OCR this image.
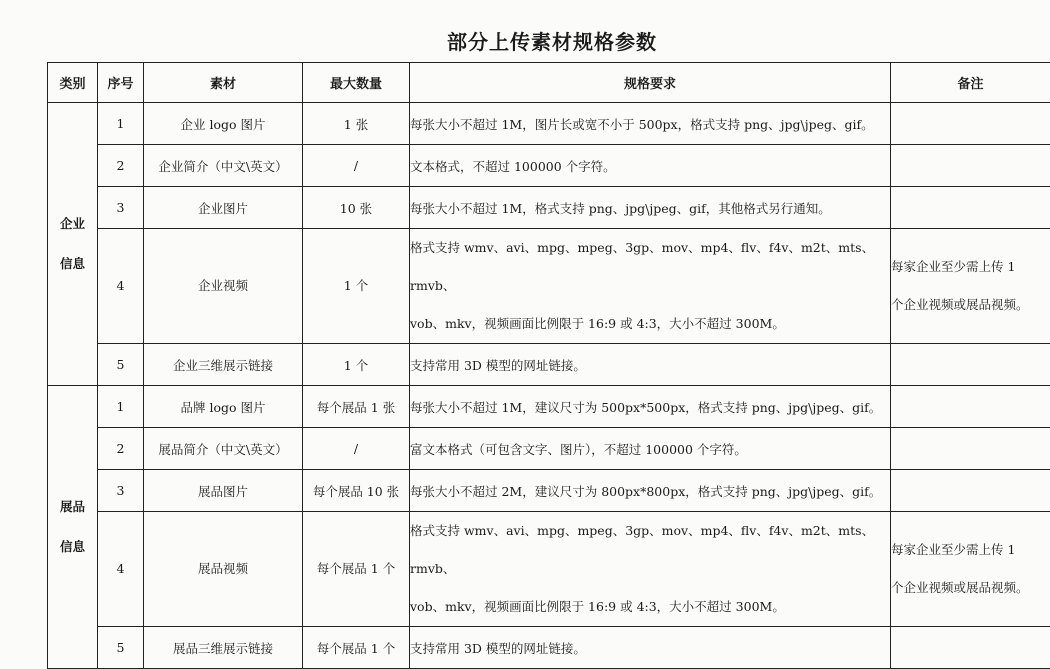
部分上传素材规格参数
类别	序号	素材	最大数量	规格要求	备注

企业
信息	1	企业 logo 图片	1 张	每张大小不超过 1M，图片长或宽不小于 500px，格式支持 png、jpg\jpeg、gif。	
	2	企业简介（中文\英文）	/	文本格式，不超过 100000 个字符。	
	3	企业图片	10 张	每张大小不超过 1M，格式支持 png、jpg\jpeg、gif，其他格式另行通知。	
	4	企业视频	1 个	格式支持 wmv、avi、mpg、mpeg、3gp、mov、mp4、flv、f4v、m2t、mts、rmvb、
vob、mkv，视频画面比例限于 16:9 或 4:3，大小不超过 300M。	每家企业至少需上传 1
个企业视频或展品视频。

	5	企业三维展示链接	1 个	支持常用 3D 模型的网址链接。	

展品
信息	1	品牌 logo 图片	每个展品 1 张	每张大小不超过 1M，建议尺寸为 500px*500px，格式支持 png、jpg\jpeg、gif。	
	2	展品简介（中文\英文）	/	富文本格式（可包含文字、图片），不超过 100000 个字符。	
	3	展品图片	每个展品 10 张	每张大小不超过 2M，建议尺寸为 800px*800px，格式支持 png、jpg\jpeg、gif。	
	4	展品视频	每个展品 1 个	格式支持 wmv、avi、mpg、mpeg、3gp、mov、mp4、flv、f4v、m2t、mts、rmvb、
vob、mkv，视频画面比例限于 16:9 或 4:3，大小不超过 300M。	每家企业至少需上传 1
个企业视频或展品视频。

	5	展品三维展示链接	每个展品 1 个	支持常用 3D 模型的网址链接。	
